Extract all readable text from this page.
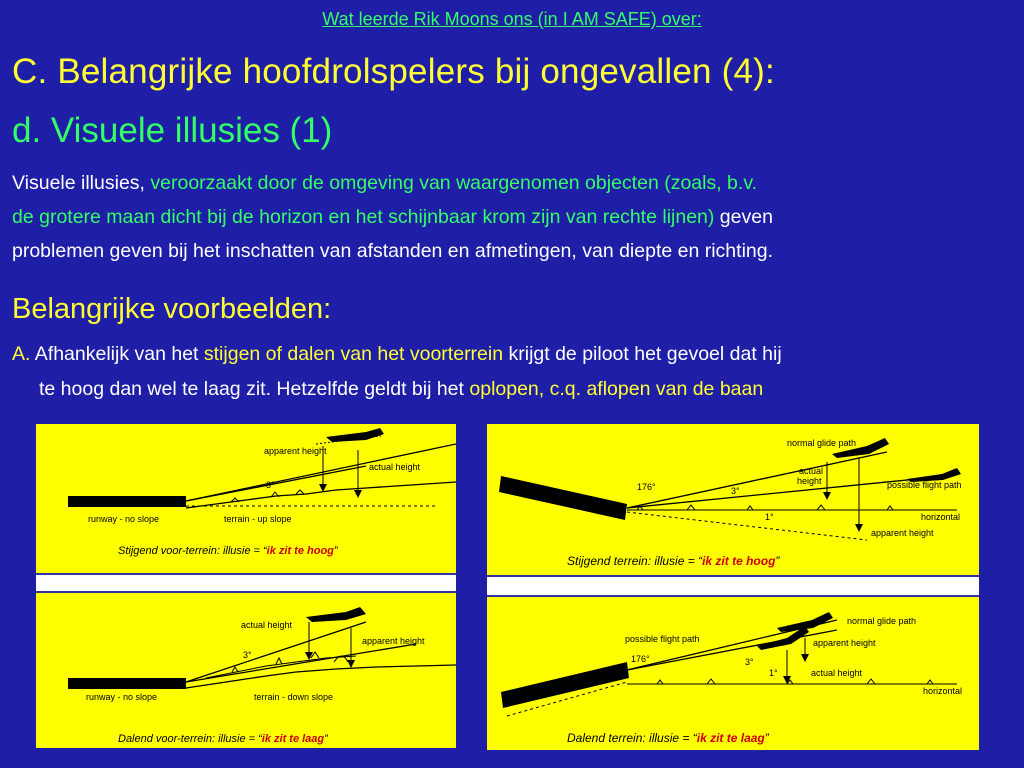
Wat leerde Rik Moons ons (in I AM SAFE) over:
C. Belangrijke hoofdrolspelers bij ongevallen (4):
d. Visuele illusies (1)
Visuele illusies, veroorzaakt door de omgeving van waargenomen objecten (zoals, b.v.
de grotere maan dicht bij de horizon en het schijnbaar krom zijn van rechte lijnen) geven
problemen geven bij het inschatten van afstanden en afmetingen, van diepte en richting.
Belangrijke voorbeelden:
A. Afhankelijk van het stijgen of dalen van het voorterrein krijgt de piloot het gevoel dat hij
te hoog dan wel te laag zit. Hetzelfde geldt bij het oplopen, c.q. aflopen van de baan
apparent height
actual height
3°
runway - no slope	terrain - up slope
Stijgend voor-terrein: illusie = “ik zit te hoog”
actual height
apparent height
3°
runway - no slope	terrain - down slope
Dalend voor-terrein: illusie = “ik zit te laag”
normal glide path
actual
height
176°	3°
1°
possible flight path
horizontal
apparent height
Stijgend terrein: illusie = “ik zit te hoog”
normal glide path
possible flight path	apparent height
176°	3°
1°	actual height
horizontal
Dalend terrein: illusie = “ik zit te laag”
